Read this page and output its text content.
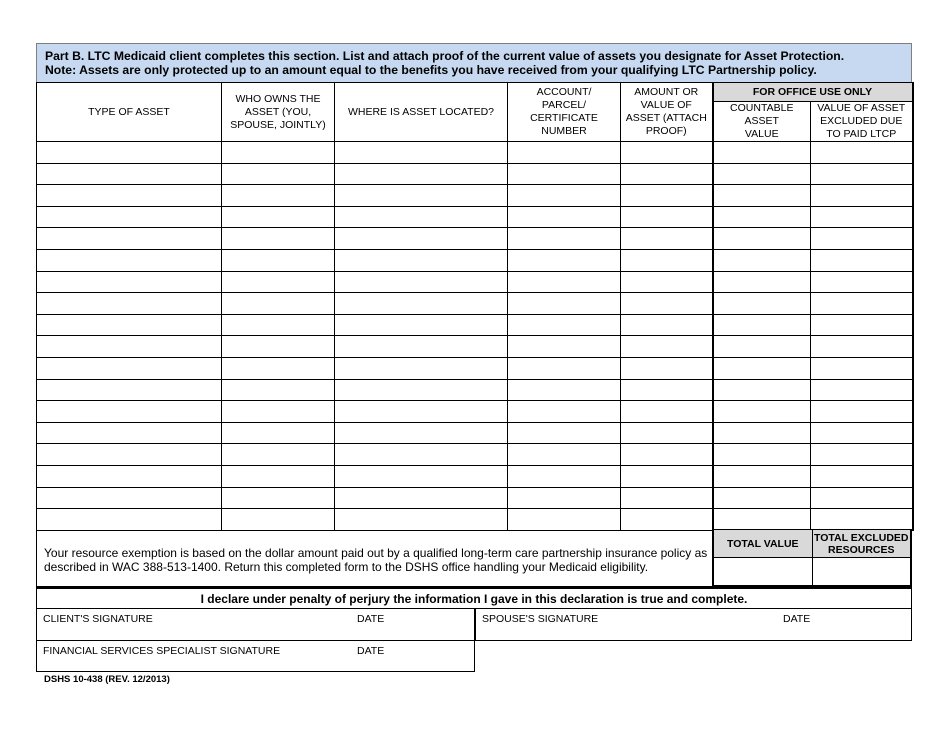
Part B. LTC Medicaid client completes this section. List and attach proof of the current value of assets you designate for Asset Protection.
Note: Assets are only protected up to an amount equal to the benefits you have received from your qualifying LTC Partnership policy.
TYPE OF ASSET	WHO OWNS THE ASSET (YOU, SPOUSE, JOINTLY)	WHERE IS ASSET LOCATED?	ACCOUNT/ PARCEL/ CERTIFICATE NUMBER	AMOUNT OR VALUE OF ASSET (ATTACH PROOF)	FOR OFFICE USE ONLY	
					COUNTABLE ASSET VALUE	VALUE OF ASSET EXCLUDED DUE TO PAID LTCP

Your resource exemption is based on the dollar amount paid out by a qualified long-term care partnership insurance policy as described in WAC 388-513-1400. Return this completed form to the DSHS office handling your Medicaid eligibility.
TOTAL VALUE	TOTAL EXCLUDED RESOURCES

I declare under penalty of perjury the information I gave in this declaration is true and complete.
CLIENT'S SIGNATURE	DATE	SPOUSE'S SIGNATURE	DATE
FINANCIAL SERVICES SPECIALIST SIGNATURE	DATE
DSHS 10-438 (REV. 12/2013)
